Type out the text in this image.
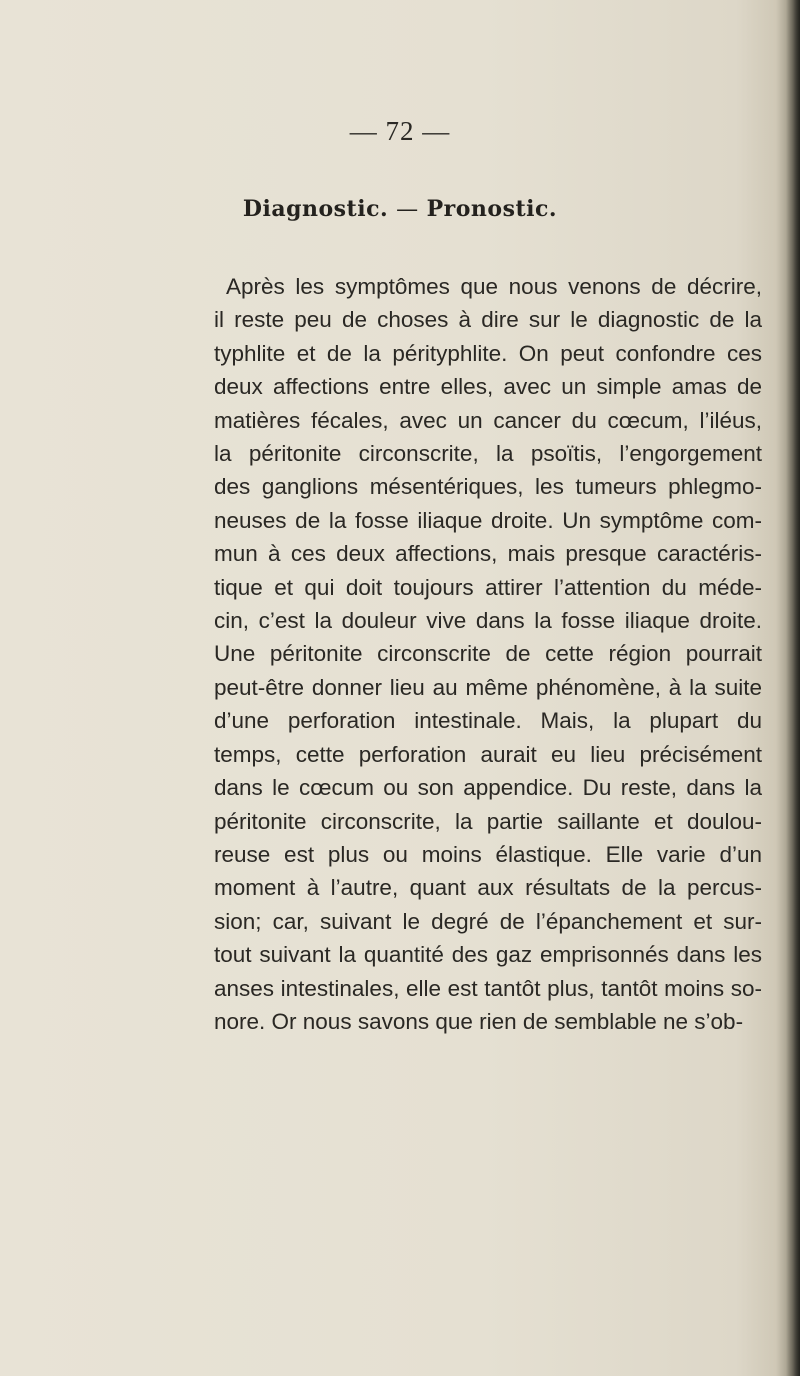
— 72 —
Diagnostic. — Pronostic.
Après les symptômes que nous venons de décrire,
il reste peu de choses à dire sur le diagnostic de la
typhlite et de la pérityphlite. On peut confondre ces
deux affections entre elles, avec un simple amas de
matières fécales, avec un cancer du cœcum, l’iléus,
la péritonite circonscrite, la psoïtis, l’engorgement
des ganglions mésentériques, les tumeurs phlegmo-
neuses de la fosse iliaque droite. Un symptôme com-
mun à ces deux affections, mais presque caractéris-
tique et qui doit toujours attirer l’attention du méde-
cin, c’est la douleur vive dans la fosse iliaque droite.
Une péritonite circonscrite de cette région pourrait
peut-être donner lieu au même phénomène, à la suite
d’une perforation intestinale. Mais, la plupart du
temps, cette perforation aurait eu lieu précisément
dans le cœcum ou son appendice. Du reste, dans la
péritonite circonscrite, la partie saillante et doulou-
reuse est plus ou moins élastique. Elle varie d’un
moment à l’autre, quant aux résultats de la percus-
sion; car, suivant le degré de l’épanchement et sur-
tout suivant la quantité des gaz emprisonnés dans les
anses intestinales, elle est tantôt plus, tantôt moins so-
nore. Or nous savons que rien de semblable ne s’ob-
